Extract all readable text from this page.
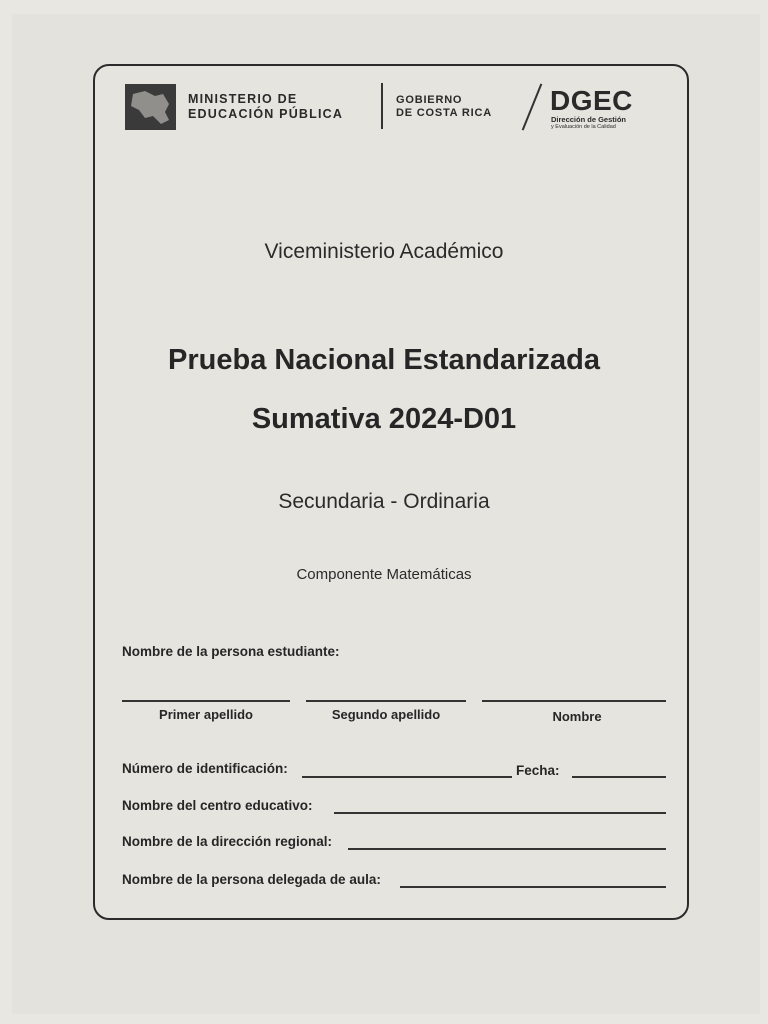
MINISTERIO DE
EDUCACIÓN PÚBLICA
GOBIERNO
DE COSTA RICA DGEC
Dirección de Gestión
y Evaluación de la Calidad
Viceministerio Académico
Prueba Nacional Estandarizada
Sumativa 2024-D01
Secundaria - Ordinaria
Componente Matemáticas
Nombre de la persona estudiante:
Primer apellido	Segundo apellido	Nombre
Número de identificación:	Fecha:
Nombre del centro educativo:
Nombre de la dirección regional:
Nombre de la persona delegada de aula:
